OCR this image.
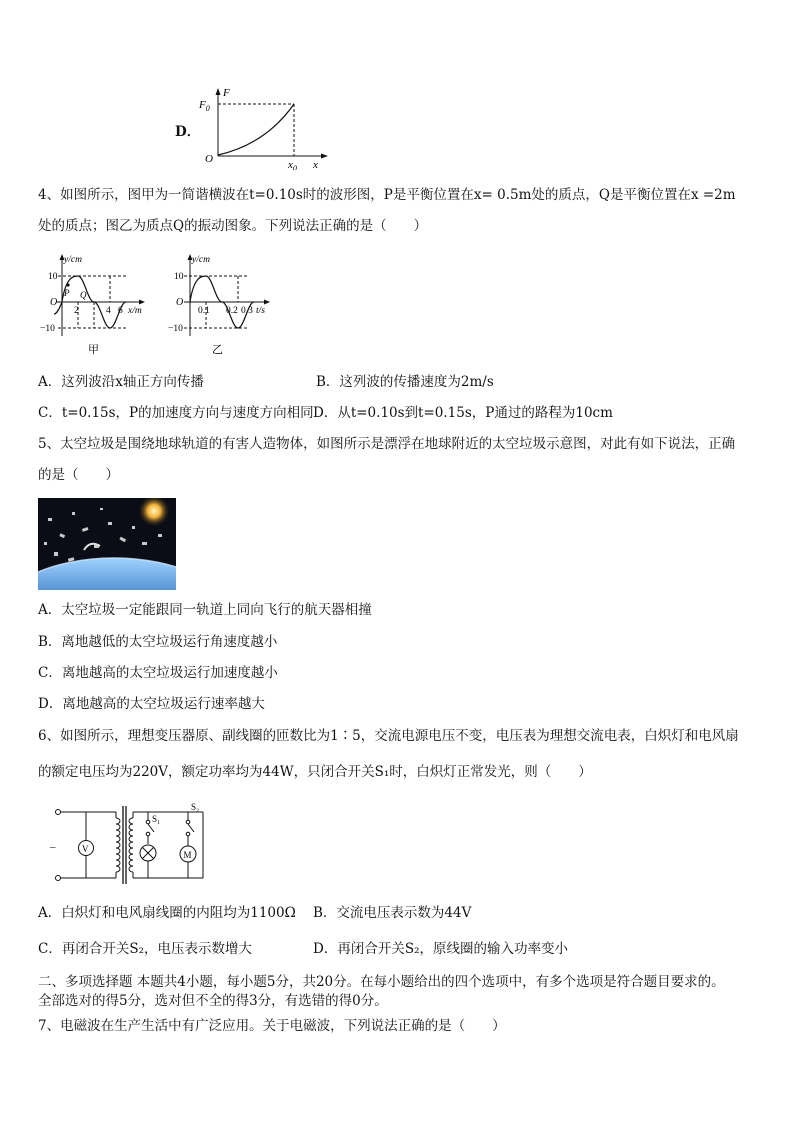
D．
F
$F_0$
O	$x_0$ x
4、如图所示，图甲为一简谐横波在t=0.10s时的波形图，P是平衡位置在x= 0.5m处的质点，Q是平衡位置在x =2m
处的质点；图乙为质点Q的振动图象。下列说法正确的是（　　）
y/cm
10
O
−10
P Q
2	4 6 x/m
甲
y/cm
10
O
−10
0.1 0.2 0.3 t/s
乙
A．这列波沿x轴正方向传播	B．这列波的传播速度为2m/s
C．t=0.15s，P的加速度方向与速度方向相同 D．从t=0.10s到t=0.15s，P通过的路程为10cm
5、太空垃圾是围绕地球轨道的有害人造物体，如图所示是漂浮在地球附近的太空垃圾示意图，对此有如下说法，正确
的是（　　）
A．太空垃圾一定能跟同一轨道上同向飞行的航天器相撞
B．离地越低的太空垃圾运行角速度越小
C．离地越高的太空垃圾运行加速度越小
D．离地越高的太空垃圾运行速率越大
6、如图所示，理想变压器原、副线圈的匝数比为1∶5，交流电源电压不变，电压表为理想交流电表，白炽灯和电风扇
的额定电压均为220V，额定功率均为44W，只闭合开关S₁时，白炽灯正常发光，则（　　）
V
–
S₁
M
S₂
A．白炽灯和电风扇线圈的内阻均为1100Ω B．交流电压表示数为44V
C．再闭合开关S₂，电压表示数增大	D．再闭合开关S₂，原线圈的输入功率变小
二、多项选择题 本题共4小题，每小题5分，共20分。在每小题给出的四个选项中，有多个选项是符合题目要求的。
全部选对的得5分，选对但不全的得3分，有选错的得0分。
7、电磁波在生产生活中有广泛应用。关于电磁波，下列说法正确的是（　　）
